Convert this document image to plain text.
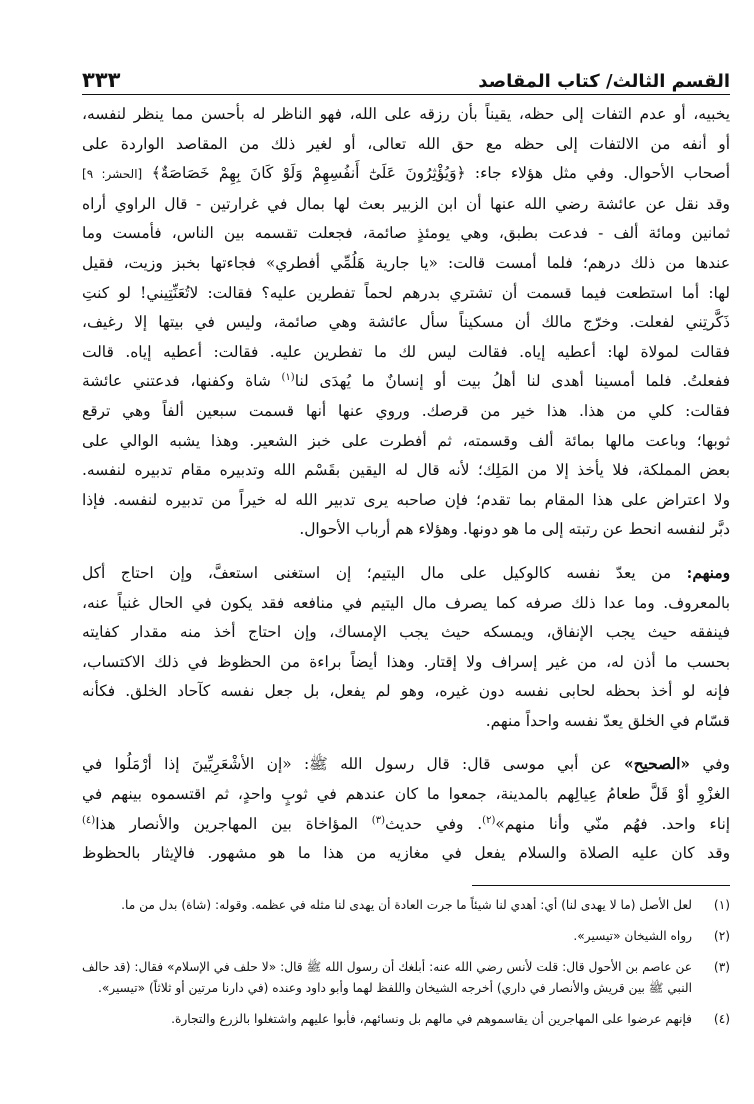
القسم الثالث/ كتاب المقاصد
٣٣٣

يخبيه، أو عدم التفات إلى حظه، يقيناً بأن رزقه على الله، فهو الناظر له بأحسن مما ينظر لنفسه،

أو أنفه من الالتفات إلى حظه مع حق الله تعالى، أو لغير ذلك من المقاصد الواردة على

أصحاب الأحوال. وفي مثل هؤلاء جاء: ﴿وَيُؤْثِرُونَ عَلَىٰٓ أَنفُسِهِمْ وَلَوْ كَانَ بِهِمْ خَصَاصَةٌ﴾ [الحشر: ٩]

وقد نقل عن عائشة رضي الله عنها أن ابن الزبير بعث لها بمال في غرارتين - قال الراوي أراه

ثمانين ومائة ألف - فدعت بطبق، وهي يومئذٍ صائمة، فجعلت تقسمه بين الناس، فأمست وما

عندها من ذلك درهم؛ فلما أمست قالت: «يا جارية هَلُمِّي أفطري» فجاءتها بخبز وزيت، فقيل

لها: أما استطعت فيما قسمت أن تشتري بدرهم لحماً تفطرين عليه؟ فقالت: لاتُعَنِّتِيني! لو كنتِ

ذَكَّرتِني لفعلت. وخرّج مالك أن مسكيناً سأل عائشة وهي صائمة، وليس في بيتها إلا رغيف،

فقالت لمولاة لها: أعطيه إياه. فقالت ليس لك ما تفطرين عليه. فقالت: أعطيه إياه. قالت

ففعلتُ. فلما أمسينا أهدى لنا أهلُ بيت أو إنسانٌ ما يُهدَى لنا$^{(١)}$ شاة وكفنها، فدعتني عائشة

فقالت: كلي من هذا. هذا خير من قرصك. وروي عنها أنها قسمت سبعين ألفاً وهي ترقع

ثوبها؛ وباعت مالها بمائة ألف وقسمته، ثم أفطرت على خبز الشعير. وهذا يشبه الوالي على

بعض المملكة، فلا يأخذ إلا من المَلِك؛ لأنه قال له اليقين بقَسْم الله وتدبيره مقام تدبيره لنفسه.

ولا اعتراض على هذا المقام بما تقدم؛ فإن صاحبه يرى تدبير الله له خيراً من تدبيره لنفسه. فإذا

دبَّر لنفسه انحط عن رتبته إلى ما هو دونها. وهؤلاء هم أرباب الأحوال.

ومنهم: من يعدّ نفسه كالوكيل على مال اليتيم؛ إن استغنى استعفَّ، وإن احتاج أكل

بالمعروف. وما عدا ذلك صرفه كما يصرف مال اليتيم في منافعه فقد يكون في الحال غنياً عنه،

فينفقه حيث يجب الإنفاق، ويمسكه حيث يجب الإمساك، وإن احتاج أخذ منه مقدار كفايته

بحسب ما أذن له، من غير إسراف ولا إقتار. وهذا أيضاً براءة من الحظوظ في ذلك الاكتساب،

فإنه لو أخذ بحظه لحابى نفسه دون غيره، وهو لم يفعل، بل جعل نفسه كآحاد الخلق. فكأنه

قسّام في الخلق يعدّ نفسه واحداً منهم.

وفي «الصحيح» عن أبي موسى قال: قال رسول الله ﷺ: «إن الأشْعَرِيِّينَ إذا أرْمَلُوا في

الغزْوِ أوْ قَلَّ طعامُ عِيالِهم بالمدينة، جمعوا ما كان عندهم في ثوبٍ واحدٍ، ثم اقتسموه بينهم في

إناء واحد. فهُم منّي وأنا منهم»$^{(٢)}$. وفي حديث$^{(٣)}$ المؤاخاة بين المهاجرين والأنصار هذا$^{(٤)}$

وقد كان عليه الصلاة والسلام يفعل في مغازيه من هذا ما هو مشهور. فالإيثار بالحظوظ

(١)
لعل الأصل (ما لا يهدى لنا) أي: أهدي لنا شيئاً ما جرت العادة أن يهدى لنا مثله في عظمه. وقوله: (شاة) بدل من ما.
(٢)
رواه الشيخان «تيسير».
(٣)
عن عاصم بن الأحول قال: قلت لأنس رضي الله عنه: أبلغك أن رسول الله ﷺ قال: «لا حلف في الإسلام» فقال: (قد حالف النبي ﷺ بين قريش والأنصار في داري) أخرجه الشيخان واللفظ لهما وأبو داود وعنده (في دارنا مرتين أو ثلاثاً) «تيسير».
(٤)
فإنهم عرضوا على المهاجرين أن يقاسموهم في مالهم بل ونسائهم، فأبوا عليهم واشتغلوا بالزرع والتجارة.
